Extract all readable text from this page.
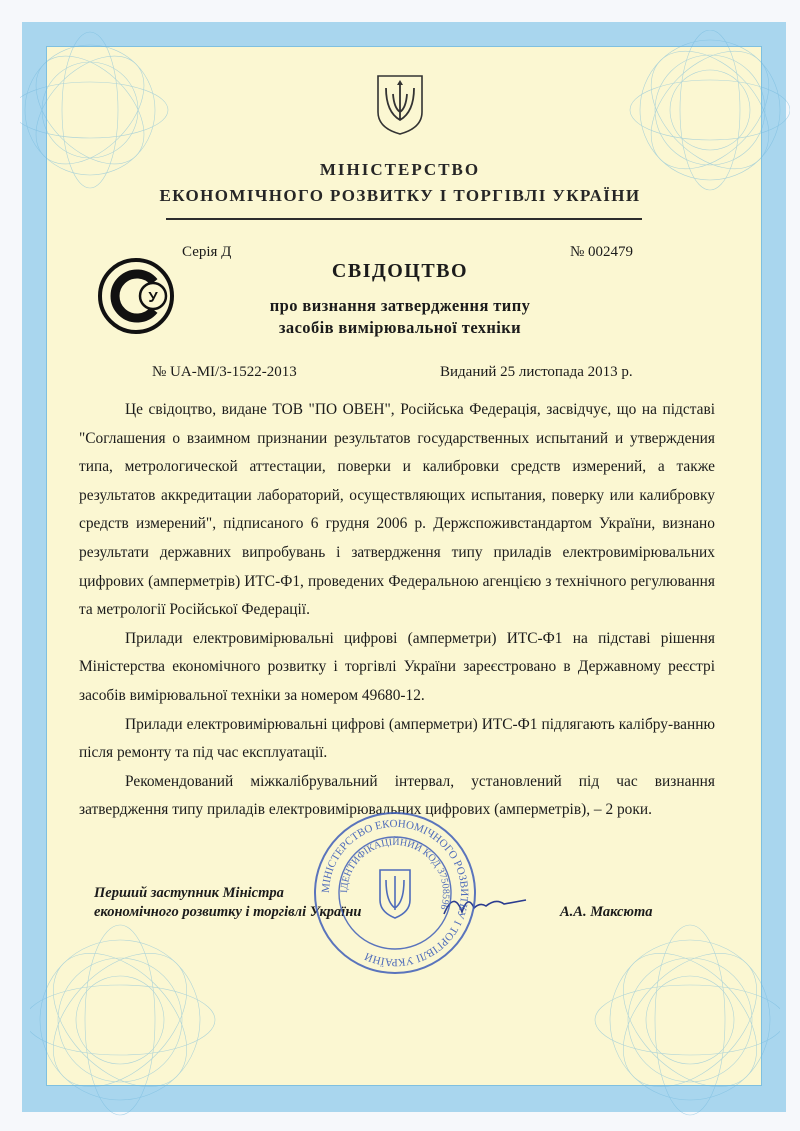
МІНІСТЕРСТВО
ЕКОНОМІЧНОГО РОЗВИТКУ І ТОРГІВЛІ УКРАЇНИ
У
Серія Д	№ 002479
СВІДОЦТВО
про визнання затвердження типу
засобів вимірювальної техніки
№ UA-MI/3-1522-2013	Виданий 25 листопада 2013 р.

Це свідоцтво, видане ТОВ "ПО ОВЕН", Російська Федерація, засвідчує, що на підставі "Соглашения о взаимном признании результатов государственных испытаний и утверждения типа, метрологической аттестации, поверки и калибровки средств измерений, а также результатов аккредитации лабораторий, осуществляющих испытания, поверку или калибровку средств измерений", підписаного 6 грудня 2006 р. Держспоживстандартом України, визнано результати державних випробувань і затвердження типу приладів електровимірювальних цифрових (амперметрів) ИТС-Ф1, проведених Федеральною агенцією з технічного регулювання та метрології Російської Федерації.

Прилади електровимірювальні цифрові (амперметри) ИТС-Ф1 на підставі рішення Міністерства економічного розвитку і торгівлі України зареєстровано в Державному реєстрі засобів вимірювальної техніки за номером 49680-12.

Прилади електровимірювальні цифрові (амперметри) ИТС-Ф1 підлягають калібру-ванню після ремонту та під час експлуатації.

Рекомендований міжкалібрувальний інтервал, установлений під час визнання затвердження типу приладів електровимірювальних цифрових (амперметрів), – 2 роки.

Перший заступник Міністра
економічного розвитку і торгівлі України	А.А. Максюта
МІНІСТЕРСТВО ЕКОНОМІЧНОГО РОЗВИТКУ І ТОРГІВЛІ УКРАЇНИ
ІДЕНТИФІКАЦІЙНИЙ КОД 37508596
